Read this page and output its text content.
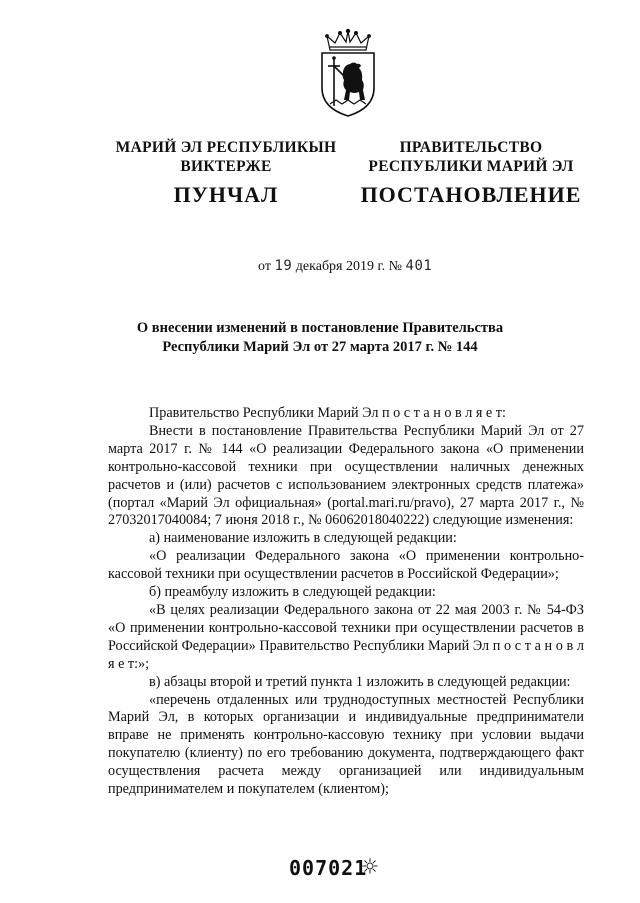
МАРИЙ ЭЛ РЕСПУБЛИКЫН
ВИКТЕРЖЕ
ПУНЧАЛ
ПРАВИТЕЛЬСТВО
РЕСПУБЛИКИ МАРИЙ ЭЛ
ПОСТАНОВЛЕНИЕ
от 19 декабря 2019 г. № 401
О внесении изменений в постановление Правительства
Республики Марий Эл от 27 марта 2017 г. № 144

Правительство Республики Марий Эл п о с т а н о в л я е т:

Внести в постановление Правительства Республики Марий Эл от 27 марта 2017 г. № 144 «О реализации Федерального закона «О применении контрольно-кассовой техники при осуществлении наличных денежных расчетов и (или) расчетов с использованием электронных средств платежа» (портал «Марий Эл официальная» (portal.mari.ru/pravo), 27 марта 2017 г., № 27032017040084; 7 июня 2018 г., № 06062018040222) следующие изменения:

а) наименование изложить в следующей редакции:

«О реализации Федерального закона «О применении контрольно-кассовой техники при осуществлении расчетов в Российской Федерации»;

б) преамбулу изложить в следующей редакции:

«В целях реализации Федерального закона от 22 мая 2003 г. № 54-ФЗ «О применении контрольно-кассовой техники при осуществлении расчетов в Российской Федерации» Правительство Республики Марий Эл п о с т а н о в л я е т:»;

в) абзацы второй и третий пункта 1 изложить в следующей редакции:

«перечень отдаленных или труднодоступных местностей Республики Марий Эл, в которых организации и индивидуальные предприниматели вправе не применять контрольно-кассовую технику при условии выдачи покупателю (клиенту) по его требованию документа, подтверждающего факт осуществления расчета между организацией или индивидуальным предпринимателем и покупателем (клиентом);

007021
